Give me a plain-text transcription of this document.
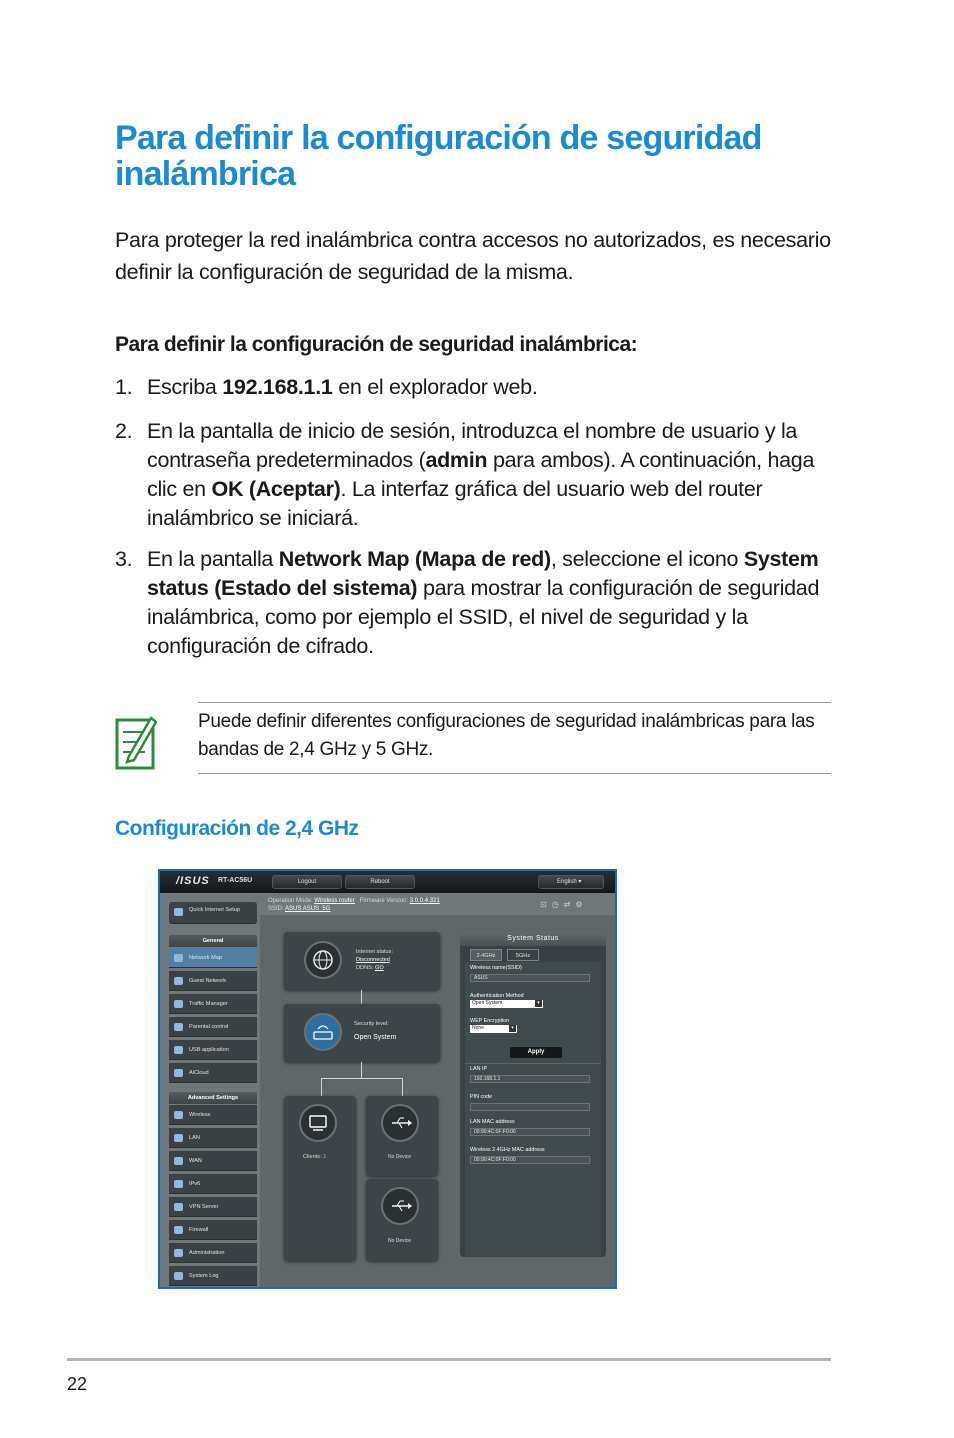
Para definir la configuración de seguridad inalámbrica

Para proteger la red inalámbrica contra accesos no autorizados, es necesario definir la configuración de seguridad de la misma.

Para definir la configuración de seguridad inalámbrica:
1. Escriba 192.168.1.1 en el explorador web.
2. En la pantalla de inicio de sesión, introduzca el nombre de usuario y la contraseña predeterminados (admin para ambos). A continuación, haga clic en OK (Aceptar). La interfaz gráfica del usuario web del router inalámbrico se iniciará.
3. En la pantalla Network Map (Mapa de red), seleccione el icono System status (Estado del sistema) para mostrar la configuración de seguridad inalámbrica, como por ejemplo el SSID, el nivel de seguridad y la configuración de cifrado.

Puede definir diferentes configuraciones de seguridad inalámbricas para las bandas de 2,4 GHz y 5 GHz.

Configuración de 2,4 GHz
/ISUS RT-AC56U	Logout	Reboot	English ▾
Operation Mode: Wireless router Firmware Version: 3.0.0.4.321
SSID: ASUS ASUS_5G	⊡◷⇄⚙
Quick Internet Setup
General
Network Map
Guest Network
Traffic Manager
Parental control
USB application
AiCloud
Advanced Settings
Wireless
LAN
WAN
IPv6
VPN Server
Firewall
Administration
System Log
Internet status:
Disconnected
DDNS: GO
Security level:
Open System
Clients: 1	No Device
No Device
System Status
2.4GHz	5GHz
Wireless name(SSID)
ASUS
Authentication Method
Open System	▾
WEP Encryption
None	▾
Apply
LAN IP
192.168.1.1
PIN code
LAN MAC address
00:90:4C:0F:F0:00
Wireless 2.4GHz MAC address
00:90:4C:0F:F0:00
22
